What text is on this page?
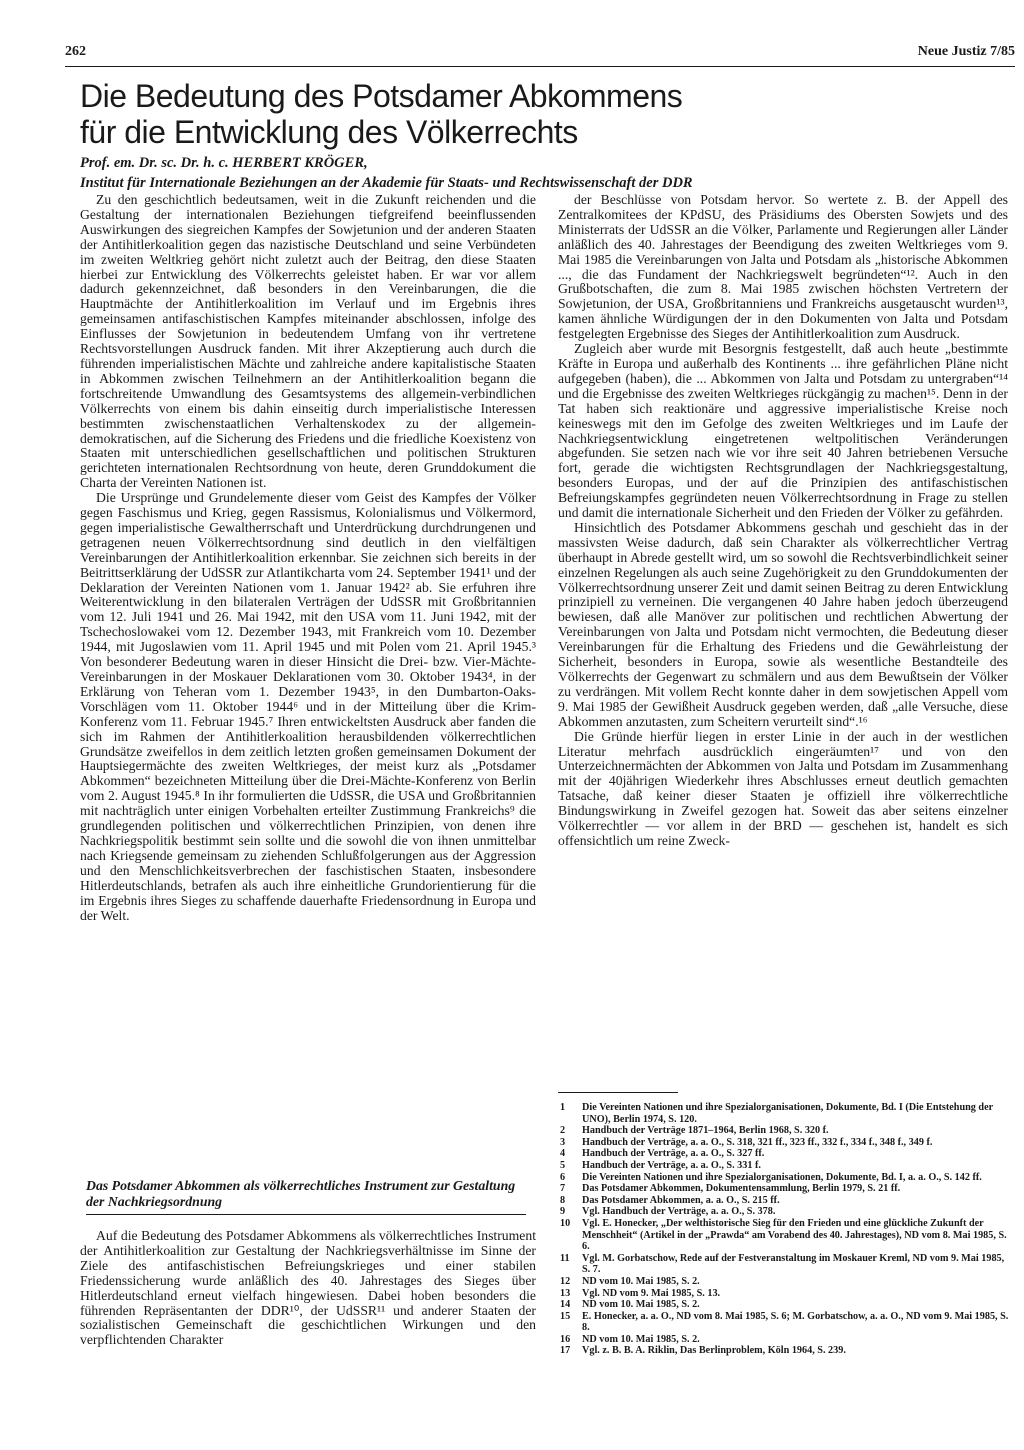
262	Neue Justiz 7/85
Die Bedeutung des Potsdamer Abkommens
für die Entwicklung des Völkerrechts
Prof. em. Dr. sc. Dr. h. c. HERBERT KRÖGER,
Institut für Internationale Beziehungen an der Akademie für Staats- und Rechtswissenschaft der DDR

Zu den geschichtlich bedeutsamen, weit in die Zukunft reichenden und die Gestaltung der internationalen Beziehungen tiefgreifend beeinflussenden Auswirkungen des siegreichen Kampfes der Sowjetunion und der anderen Staaten der Antihitlerkoalition gegen das nazistische Deutschland und seine Verbündeten im zweiten Weltkrieg gehört nicht zuletzt auch der Beitrag, den diese Staaten hierbei zur Entwicklung des Völkerrechts geleistet haben. Er war vor allem dadurch gekennzeichnet, daß besonders in den Vereinbarungen, die die Hauptmächte der Antihitlerkoalition im Verlauf und im Ergebnis ihres gemeinsamen antifaschistischen Kampfes miteinander abschlossen, infolge des Einflusses der Sowjetunion in bedeutendem Umfang von ihr vertretene Rechtsvorstellungen Ausdruck fanden. Mit ihrer Akzeptierung auch durch die führenden imperialistischen Mächte und zahlreiche andere kapitalistische Staaten in Abkommen zwischen Teilnehmern an der Antihitlerkoalition begann die fortschreitende Umwandlung des Gesamtsystems des allgemein-verbindlichen Völkerrechts von einem bis dahin einseitig durch imperialistische Interessen bestimmten zwischenstaatlichen Verhaltenskodex zu der allgemein-demokratischen, auf die Sicherung des Friedens und die friedliche Koexistenz von Staaten mit unterschiedlichen gesellschaftlichen und politischen Strukturen gerichteten internationalen Rechtsordnung von heute, deren Grunddokument die Charta der Vereinten Nationen ist.

Die Ursprünge und Grundelemente dieser vom Geist des Kampfes der Völker gegen Faschismus und Krieg, gegen Rassismus, Kolonialismus und Völkermord, gegen imperialistische Gewaltherrschaft und Unterdrückung durchdrungenen und getragenen neuen Völkerrechtsordnung sind deutlich in den vielfältigen Vereinbarungen der Antihitlerkoalition erkennbar. Sie zeichnen sich bereits in der Beitrittserklärung der UdSSR zur Atlantikcharta vom 24. September 1941¹ und der Deklaration der Vereinten Nationen vom 1. Januar 1942² ab. Sie erfuhren ihre Weiterentwicklung in den bilateralen Verträgen der UdSSR mit Großbritannien vom 12. Juli 1941 und 26. Mai 1942, mit den USA vom 11. Juni 1942, mit der Tschechoslowakei vom 12. Dezember 1943, mit Frankreich vom 10. Dezember 1944, mit Jugoslawien vom 11. April 1945 und mit Polen vom 21. April 1945.³ Von besonderer Bedeutung waren in dieser Hinsicht die Drei- bzw. Vier-Mächte-Vereinbarungen in der Moskauer Deklarationen vom 30. Oktober 1943⁴, in der Erklärung von Teheran vom 1. Dezember 1943⁵, in den Dumbarton-Oaks-Vorschlägen vom 11. Oktober 1944⁶ und in der Mitteilung über die Krim-Konferenz vom 11. Februar 1945.⁷ Ihren entwickeltsten Ausdruck aber fanden die sich im Rahmen der Antihitlerkoalition herausbildenden völkerrechtlichen Grundsätze zweifellos in dem zeitlich letzten großen gemeinsamen Dokument der Hauptsiegermächte des zweiten Weltkrieges, der meist kurz als „Potsdamer Abkommen“ bezeichneten Mitteilung über die Drei-Mächte-Konferenz von Berlin vom 2. August 1945.⁸ In ihr formulierten die UdSSR, die USA und Großbritannien mit nachträglich unter einigen Vorbehalten erteilter Zustimmung Frankreichs⁹ die grundlegenden politischen und völkerrechtlichen Prinzipien, von denen ihre Nachkriegspolitik bestimmt sein sollte und die sowohl die von ihnen unmittelbar nach Kriegsende gemeinsam zu ziehenden Schlußfolgerungen aus der Aggression und den Menschlichkeitsverbrechen der faschistischen Staaten, insbesondere Hitlerdeutschlands, betrafen als auch ihre einheitliche Grundorientierung für die im Ergebnis ihres Sieges zu schaffende dauerhafte Friedensordnung in Europa und der Welt.

Das Potsdamer Abkommen als völkerrechtliches Instrument zur Gestaltung der Nachkriegsordnung

Auf die Bedeutung des Potsdamer Abkommens als völkerrechtliches Instrument der Antihitlerkoalition zur Gestaltung der Nachkriegsverhältnisse im Sinne der Ziele des antifaschistischen Befreiungskrieges und einer stabilen Friedenssicherung wurde anläßlich des 40. Jahrestages des Sieges über Hitlerdeutschland erneut vielfach hingewiesen. Dabei hoben besonders die führenden Repräsentanten der DDR¹⁰, der UdSSR¹¹ und anderer Staaten der sozialistischen Gemeinschaft die geschichtlichen Wirkungen und den verpflichtenden Charakter

der Beschlüsse von Potsdam hervor. So wertete z. B. der Appell des Zentralkomitees der KPdSU, des Präsidiums des Obersten Sowjets und des Ministerrats der UdSSR an die Völker, Parlamente und Regierungen aller Länder anläßlich des 40. Jahrestages der Beendigung des zweiten Weltkrieges vom 9. Mai 1985 die Vereinbarungen von Jalta und Potsdam als „historische Abkommen ..., die das Fundament der Nachkriegswelt begründeten“¹². Auch in den Grußbotschaften, die zum 8. Mai 1985 zwischen höchsten Vertretern der Sowjetunion, der USA, Großbritanniens und Frankreichs ausgetauscht wurden¹³, kamen ähnliche Würdigungen der in den Dokumenten von Jalta und Potsdam festgelegten Ergebnisse des Sieges der Antihitlerkoalition zum Ausdruck.

Zugleich aber wurde mit Besorgnis festgestellt, daß auch heute „bestimmte Kräfte in Europa und außerhalb des Kontinents ... ihre gefährlichen Pläne nicht aufgegeben (haben), die ... Abkommen von Jalta und Potsdam zu untergraben“¹⁴ und die Ergebnisse des zweiten Weltkrieges rückgängig zu machen¹⁵. Denn in der Tat haben sich reaktionäre und aggressive imperialistische Kreise noch keineswegs mit den im Gefolge des zweiten Weltkrieges und im Laufe der Nachkriegsentwicklung eingetretenen weltpolitischen Veränderungen abgefunden. Sie setzen nach wie vor ihre seit 40 Jahren betriebenen Versuche fort, gerade die wichtigsten Rechtsgrundlagen der Nachkriegsgestaltung, besonders Europas, und der auf die Prinzipien des antifaschistischen Befreiungskampfes gegründeten neuen Völkerrechtsordnung in Frage zu stellen und damit die internationale Sicherheit und den Frieden der Völker zu gefährden.

Hinsichtlich des Potsdamer Abkommens geschah und geschieht das in der massivsten Weise dadurch, daß sein Charakter als völkerrechtlicher Vertrag überhaupt in Abrede gestellt wird, um so sowohl die Rechtsverbindlichkeit seiner einzelnen Regelungen als auch seine Zugehörigkeit zu den Grunddokumenten der Völkerrechtsordnung unserer Zeit und damit seinen Beitrag zu deren Entwicklung prinzipiell zu verneinen. Die vergangenen 40 Jahre haben jedoch überzeugend bewiesen, daß alle Manöver zur politischen und rechtlichen Abwertung der Vereinbarungen von Jalta und Potsdam nicht vermochten, die Bedeutung dieser Vereinbarungen für die Erhaltung des Friedens und die Gewährleistung der Sicherheit, besonders in Europa, sowie als wesentliche Bestandteile des Völkerrechts der Gegenwart zu schmälern und aus dem Bewußtsein der Völker zu verdrängen. Mit vollem Recht konnte daher in dem sowjetischen Appell vom 9. Mai 1985 der Gewißheit Ausdruck gegeben werden, daß „alle Versuche, diese Abkommen anzutasten, zum Scheitern verurteilt sind“.¹⁶

Die Gründe hierfür liegen in erster Linie in der auch in der westlichen Literatur mehrfach ausdrücklich eingeräumten¹⁷ und von den Unterzeichnermächten der Abkommen von Jalta und Potsdam im Zusammenhang mit der 40jährigen Wiederkehr ihres Abschlusses erneut deutlich gemachten Tatsache, daß keiner dieser Staaten je offiziell ihre völkerrechtliche Bindungswirkung in Zweifel gezogen hat. Soweit das aber seitens einzelner Völkerrechtler — vor allem in der BRD — geschehen ist, handelt es sich offensichtlich um reine Zweck-

1	Die Vereinten Nationen und ihre Spezialorganisationen, Dokumente, Bd. I (Die Entstehung der UNO), Berlin 1974, S. 120.
2	Handbuch der Verträge 1871–1964, Berlin 1968, S. 320 f.
3	Handbuch der Verträge, a. a. O., S. 318, 321 ff., 323 ff., 332 f., 334 f., 348 f., 349 f.
4	Handbuch der Verträge, a. a. O., S. 327 ff.
5	Handbuch der Verträge, a. a. O., S. 331 f.
6	Die Vereinten Nationen und ihre Spezialorganisationen, Dokumente, Bd. I, a. a. O., S. 142 ff.
7	Das Potsdamer Abkommen, Dokumentensammlung, Berlin 1979, S. 21 ff.
8	Das Potsdamer Abkommen, a. a. O., S. 215 ff.
9	Vgl. Handbuch der Verträge, a. a. O., S. 378.
10	Vgl. E. Honecker, „Der welthistorische Sieg für den Frieden und eine glückliche Zukunft der Menschheit“ (Artikel in der „Prawda“ am Vorabend des 40. Jahrestages), ND vom 8. Mai 1985, S. 6.
11	Vgl. M. Gorbatschow, Rede auf der Festveranstaltung im Moskauer Kreml, ND vom 9. Mai 1985, S. 7.
12	ND vom 10. Mai 1985, S. 2.
13	Vgl. ND vom 9. Mai 1985, S. 13.
14	ND vom 10. Mai 1985, S. 2.
15	E. Honecker, a. a. O., ND vom 8. Mai 1985, S. 6; M. Gorbatschow, a. a. O., ND vom 9. Mai 1985, S. 8.
16	ND vom 10. Mai 1985, S. 2.
17	Vgl. z. B. B. A. Riklin, Das Berlinproblem, Köln 1964, S. 239.
